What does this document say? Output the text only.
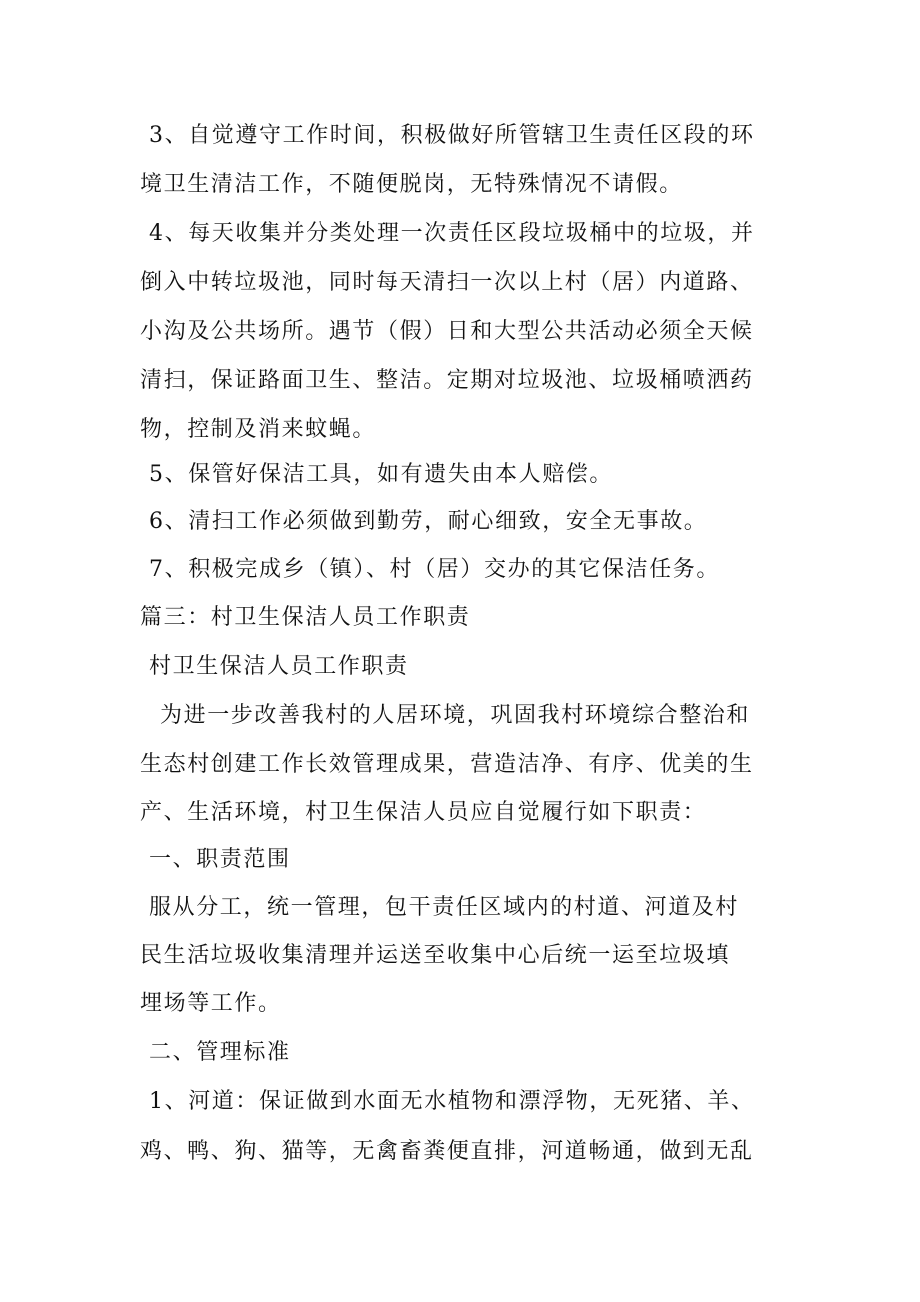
3、自觉遵守工作时间，积极做好所管辖卫生责任区段的环
境卫生清洁工作，不随便脱岗，无特殊情况不请假。
4、每天收集并分类处理一次责任区段垃圾桶中的垃圾，并
倒入中转垃圾池，同时每天清扫一次以上村（居）内道路、
小沟及公共场所。遇节（假）日和大型公共活动必须全天候
清扫，保证路面卫生、整洁。定期对垃圾池、垃圾桶喷洒药
物，控制及消来蚊蝇。
5、保管好保洁工具，如有遗失由本人赔偿。
6、清扫工作必须做到勤劳，耐心细致，安全无事故。
7、积极完成乡（镇）、村（居）交办的其它保洁任务。
篇三：村卫生保洁人员工作职责
村卫生保洁人员工作职责
为进一步改善我村的人居环境，巩固我村环境综合整治和
生态村创建工作长效管理成果，营造洁净、有序、优美的生
产、生活环境，村卫生保洁人员应自觉履行如下职责：
一、职责范围
服从分工，统一管理，包干责任区域内的村道、河道及村
民生活垃圾收集清理并运送至收集中心后统一运至垃圾填
埋场等工作。
二、管理标准
1、河道：保证做到水面无水植物和漂浮物，无死猪、羊、
鸡、鸭、狗、猫等，无禽畜粪便直排，河道畅通，做到无乱
